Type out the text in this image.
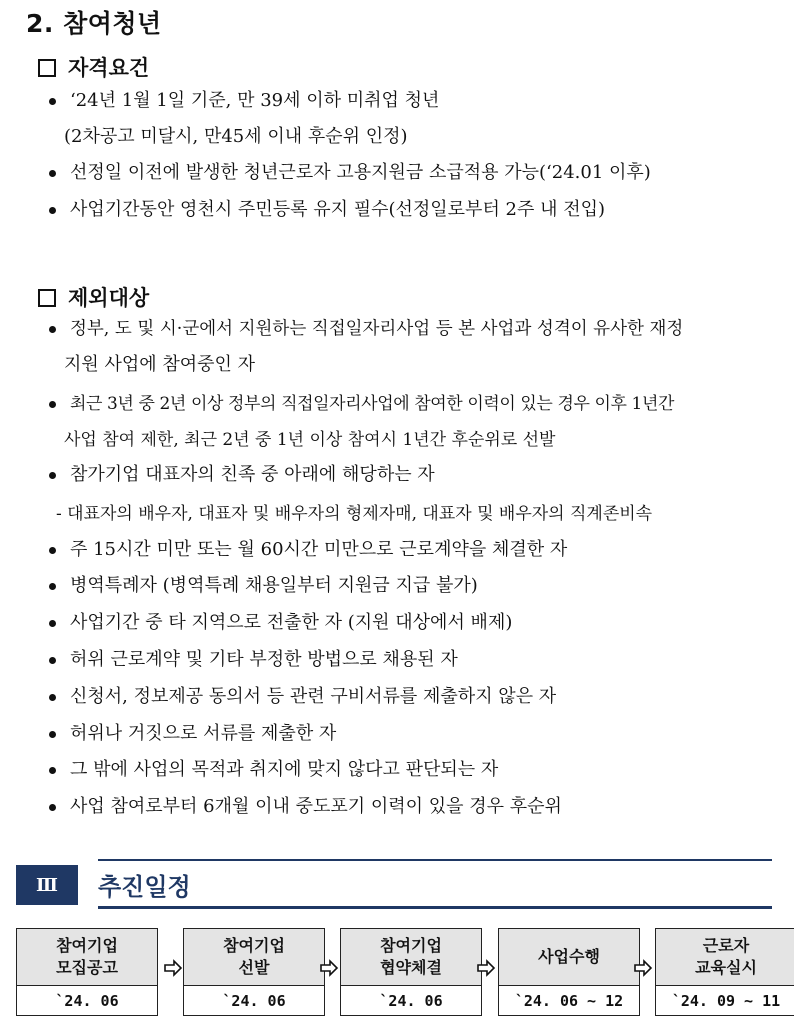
2. 참여청년
자격요건
‘24년 1월 1일 기준, 만 39세 이하 미취업 청년
(2차공고 미달시, 만45세 이내 후순위 인정)
선정일 이전에 발생한 청년근로자 고용지원금 소급적용 가능(‘24.01 이후)
사업기간동안 영천시 주민등록 유지 필수(선정일로부터 2주 내 전입)
제외대상
정부, 도 및 시·군에서 지원하는 직접일자리사업 등 본 사업과 성격이 유사한 재정
지원 사업에 참여중인 자
최근 3년 중 2년 이상 정부의 직접일자리사업에 참여한 이력이 있는 경우 이후 1년간
사업 참여 제한, 최근 2년 중 1년 이상 참여시 1년간 후순위로 선발
참가기업 대표자의 친족 중 아래에 해당하는 자
- 대표자의 배우자, 대표자 및 배우자의 형제자매, 대표자 및 배우자의 직계존비속
주 15시간 미만 또는 월 60시간 미만으로 근로계약을 체결한 자
병역특례자 (병역특례 채용일부터 지원금 지급 불가)
사업기간 중 타 지역으로 전출한 자 (지원 대상에서 배제)
허위 근로계약 및 기타 부정한 방법으로 채용된 자
신청서, 정보제공 동의서 등 관련 구비서류를 제출하지 않은 자
허위나 거짓으로 서류를 제출한 자
그 밖에 사업의 목적과 취지에 맞지 않다고 판단되는 자
사업 참여로부터 6개월 이내 중도포기 이력이 있을 경우 후순위
Ⅲ	추진일정
참여기업
모집공고
`24. 06
참여기업
선발
`24. 06
참여기업
협약체결
`24. 06
사업수행
`24. 06 ~ 12
근로자
교육실시
`24. 09 ~ 11
